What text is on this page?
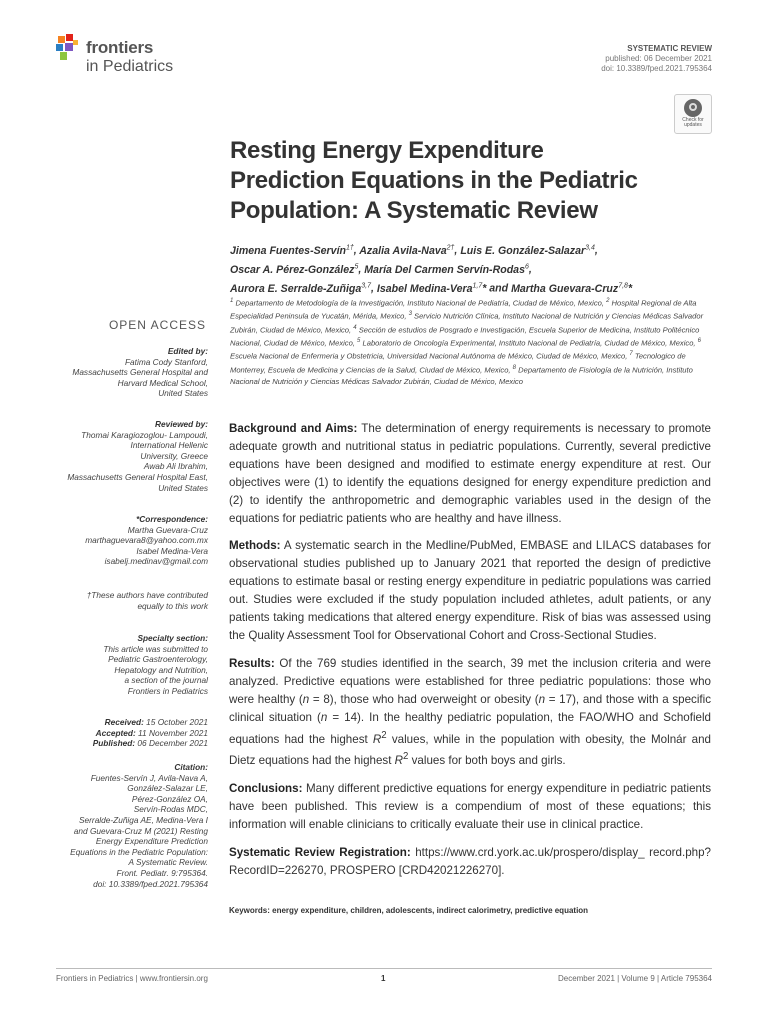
frontiers
in Pediatrics
SYSTEMATIC REVIEW
published: 06 December 2021
doi: 10.3389/fped.2021.795364
Check for
updates
Resting Energy Expenditure
Prediction Equations in the Pediatric
Population: A Systematic Review
Jimena Fuentes-Servín$^{1\dagger}$, Azalia Avila-Nava$^{2\dagger}$, Luis E. González-Salazar$^{3,4}$,
Oscar A. Pérez-González$^5$, María Del Carmen Servín-Rodas$^6$,
Aurora E. Serralde-Zuñiga$^{3,7}$, Isabel Medina-Vera$^{1,7}$* and Martha Guevara-Cruz$^{7,8}$*
$^1$ Departamento de Metodología de la Investigación, Instituto Nacional de Pediatría, Ciudad de México, Mexico, $^2$ Hospital Regional de Alta Especialidad Peninsula de Yucatán, Mérida, Mexico, $^3$ Servicio Nutrición Clínica, Instituto Nacional de Nutrición y Ciencias Médicas Salvador Zubirán, Ciudad de México, Mexico, $^4$ Sección de estudios de Posgrado e Investigación, Escuela Superior de Medicina, Instituto Politécnico Nacional, Ciudad de México, Mexico, $^5$ Laboratorio de Oncología Experimental, Instituto Nacional de Pediatría, Ciudad de México, Mexico, $^6$ Escuela Nacional de Enfermeria y Obstetricia, Universidad Nacional Autónoma de México, Ciudad de México, Mexico, $^7$ Tecnologico de Monterrey, Escuela de Medicina y Ciencias de la Salud, Ciudad de México, Mexico, $^8$ Departamento de Fisiología de la Nutrición, Instituto Nacional de Nutrición y Ciencias Médicas Salvador Zubirán, Ciudad de México, Mexico
OPEN ACCESS
Edited by:
Fatima Cody Stanford,
Massachusetts General Hospital and
Harvard Medical School,
United States
Reviewed by:
Thomai Karagiozoglou- Lampoudi,
International Hellenic
University, Greece
Awab Ali Ibrahim,
Massachusetts General Hospital East,
United States
*Correspondence:
Martha Guevara-Cruz
marthaguevara8@yahoo.com.mx
Isabel Medina-Vera
isabelj.medinav@gmail.com
†These authors have contributed
equally to this work
Specialty section:
This article was submitted to
Pediatric Gastroenterology,
Hepatology and Nutrition,
a section of the journal
Frontiers in Pediatrics
Received: 15 October 2021
Accepted: 11 November 2021
Published: 06 December 2021
Citation:
Fuentes-Servín J, Avila-Nava A,
González-Salazar LE,
Pérez-González OA,
Servín-Rodas MDC,
Serralde-Zuñiga AE, Medina-Vera I
and Guevara-Cruz M (2021) Resting
Energy Expenditure Prediction
Equations in the Pediatric Population:
A Systematic Review.
Front. Pediatr. 9:795364.
doi: 10.3389/fped.2021.795364

Background and Aims: The determination of energy requirements is necessary to promote adequate growth and nutritional status in pediatric populations. Currently, several predictive equations have been designed and modified to estimate energy expenditure at rest. Our objectives were (1) to identify the equations designed for energy expenditure prediction and (2) to identify the anthropometric and demographic variables used in the design of the equations for pediatric patients who are healthy and have illness.

Methods: A systematic search in the Medline/PubMed, EMBASE and LILACS databases for observational studies published up to January 2021 that reported the design of predictive equations to estimate basal or resting energy expenditure in pediatric populations was carried out. Studies were excluded if the study population included athletes, adult patients, or any patients taking medications that altered energy expenditure. Risk of bias was assessed using the Quality Assessment Tool for Observational Cohort and Cross-Sectional Studies.

Results: Of the 769 studies identified in the search, 39 met the inclusion criteria and were analyzed. Predictive equations were established for three pediatric populations: those who were healthy (n = 8), those who had overweight or obesity (n = 17), and those with a specific clinical situation (n = 14). In the healthy pediatric population, the FAO/WHO and Schofield equations had the highest $R^2$ values, while in the population with obesity, the Molnár and Dietz equations had the highest $R^2$ values for both boys and girls.

Conclusions: Many different predictive equations for energy expenditure in pediatric patients have been published. This review is a compendium of most of these equations; this information will enable clinicians to critically evaluate their use in clinical practice.

Systematic Review Registration: https://www.crd.york.ac.uk/prospero/display_ record.php?RecordID=226270, PROSPERO [CRD42021226270].

Keywords: energy expenditure, children, adolescents, indirect calorimetry, predictive equation
Frontiers in Pediatrics | www.frontiersin.org	1	December 2021 | Volume 9 | Article 795364
